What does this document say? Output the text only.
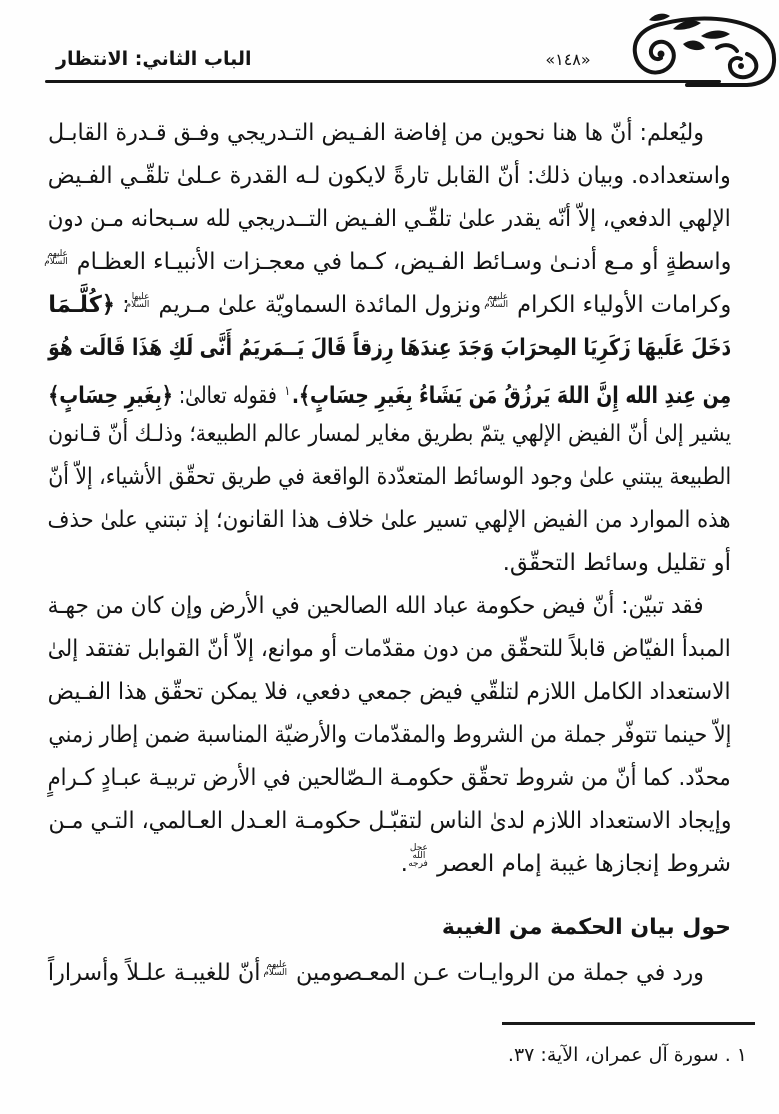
الباب الثاني: الانتظار	«١٤٨»
وليُعلم: أنّ ها هنا نحوين من إفاضة الفـيض التـدريجي وفـق قـدرة القابـل
واستعداده. وبيان ذلك: أنّ القابل تارةً لايكون لـه القدرة عـلىٰ تلقّـي الفـيض
الإلهي الدفعي، إلاّ أنّه يقدر علىٰ تلقّـي الفـيض التــدريجي لله سـبحانه مـن دون
واسطةٍ أو مـع أدنـىٰ وسـائط الفـيض، كـما في معجـزات الأنبيـاء العظـام عليهم السلام
وكرامات الأولياء الكرام عليهم السلام ونزول المائدة السماويّة علىٰ مـريم عليها السلام: ﴿كُلَّـمَا
دَخَلَ عَلَيهَا زَكَرِيَا المِحرَابَ وَجَدَ عِندَهَا رِزقاً قَالَ يَــمَريَمُ أَنَّى لَكِ هَذَا قَالَت هُوَ
مِن عِندِ الله إِنَّ اللهَ يَرزُقُ مَن يَشَاءُ بِغَيرِ حِسَابٍ﴾.$^١$ فقوله تعالىٰ: ﴿بِغَيرِ حِسَابٍ﴾
يشير إلىٰ أنّ الفيض الإلهي يتمّ بطريق مغاير لمسار عالم الطبيعة؛ وذلـك أنّ قـانون
الطبيعة يبتني علىٰ وجود الوسائط المتعدّدة الواقعة في طريق تحقّق الأشياء، إلاّ أنّ
هذه الموارد من الفيض الإلهي تسير علىٰ خلاف هذا القانون؛ إذ تبتني علىٰ حذف
أو تقليل وسائط التحقّق.
فقد تبيّن: أنّ فيض حكومة عباد الله الصالحين في الأرض وإن كان من جهـة
المبدأ الفيّاض قابلاً للتحقّق من دون مقدّمات أو موانع، إلاّ أنّ القوابل تفتقد إلىٰ
الاستعداد الكامل اللازم لتلقّي فيض جمعي دفعي، فلا يمكن تحقّق هذا الفـيض
إلاّ حينما تتوفّر جملة من الشروط والمقدّمات والأرضيّة المناسبة ضمن إطار زمني
محدّد. كما أنّ من شروط تحقّق حكومـة الـصّالحين في الأرض تربيـة عبـادٍ كـرامٍ
وإيجاد الاستعداد اللازم لدىٰ الناس لتقبّـل حكومـة العـدل العـالمي، التـي مـن
شروط إنجازها غيبة إمام العصر عجل الله فرجه.
حول بيان الحكمة من الغيبة
ورد في جملة من الروايـات عـن المعـصومين عليهم السلام أنّ للغيبـة علـلاً وأسراراً
١ . سورة آل عمران، الآية: ٣٧.
